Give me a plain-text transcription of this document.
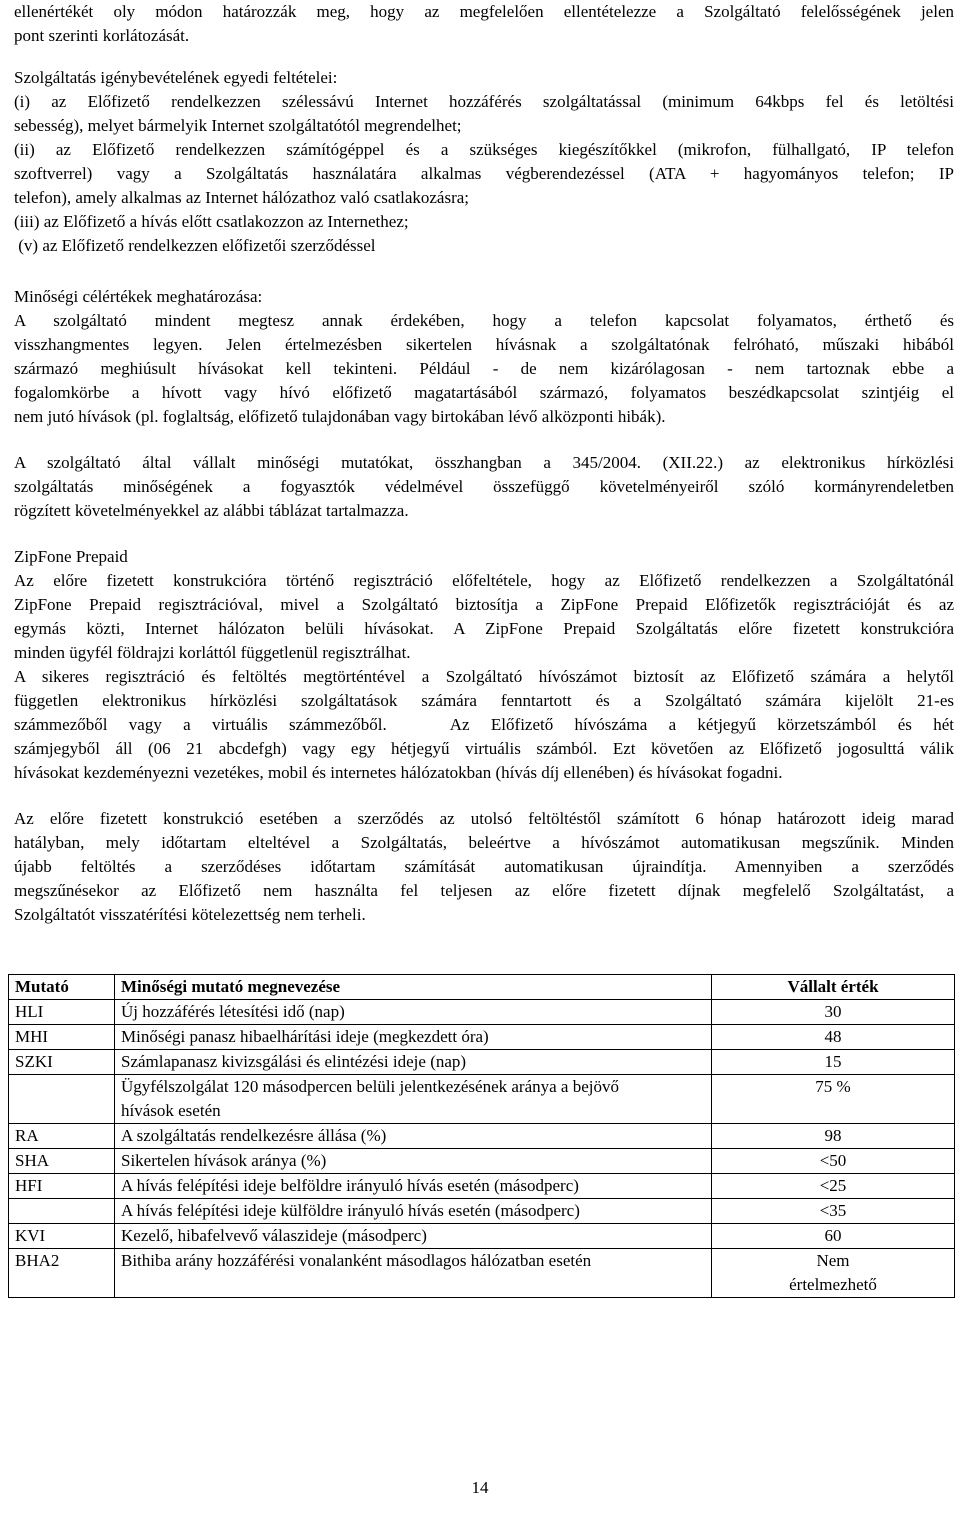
ellenértékét oly módon határozzák meg, hogy az megfelelően ellentételezze a Szolgáltató felelősségének jelen

pont szerinti korlátozását.

Szolgáltatás igénybevételének egyedi feltételei:

(i) az Előfizető rendelkezzen szélessávú Internet hozzáférés szolgáltatással (minimum 64kbps fel és letöltési

sebesség), melyet bármelyik Internet szolgáltatótól megrendelhet;

(ii) az Előfizető rendelkezzen számítógéppel és a szükséges kiegészítőkkel (mikrofon, fülhallgató, IP telefon

szoftverrel) vagy a Szolgáltatás használatára alkalmas végberendezéssel (ATA + hagyományos telefon; IP

telefon), amely alkalmas az Internet hálózathoz való csatlakozásra;

(iii) az Előfizető a hívás előtt csatlakozzon az Internethez;

(v) az Előfizető rendelkezzen előfizetői szerződéssel

Minőségi célértékek meghatározása:

A szolgáltató mindent megtesz annak érdekében, hogy a telefon kapcsolat folyamatos, érthető és

visszhangmentes legyen. Jelen értelmezésben sikertelen hívásnak a szolgáltatónak felróható, műszaki hibából

származó meghiúsult hívásokat kell tekinteni. Például - de nem kizárólagosan - nem tartoznak ebbe a

fogalomkörbe a hívott vagy hívó előfizető magatartásából származó, folyamatos beszédkapcsolat szintjéig el

nem jutó hívások (pl. foglaltság, előfizető tulajdonában vagy birtokában lévő alközponti hibák).

A szolgáltató által vállalt minőségi mutatókat, összhangban a 345/2004. (XII.22.) az elektronikus hírközlési

szolgáltatás minőségének a fogyasztók védelmével összefüggő követelményeiről szóló kormányrendeletben

rögzített követelményekkel az alábbi táblázat tartalmazza.

ZipFone Prepaid

Az előre fizetett konstrukcióra történő regisztráció előfeltétele, hogy az Előfizető rendelkezzen a Szolgáltatónál

ZipFone Prepaid regisztrációval, mivel a Szolgáltató biztosítja a ZipFone Prepaid Előfizetők regisztrációját és az

egymás közti, Internet hálózaton belüli hívásokat. A ZipFone Prepaid Szolgáltatás előre fizetett konstrukcióra

minden ügyfél földrajzi korláttól függetlenül regisztrálhat.

A sikeres regisztráció és feltöltés megtörténtével a Szolgáltató hívószámot biztosít az Előfizető számára a helytől

független elektronikus hírközlési szolgáltatások számára fenntartott és a Szolgáltató számára kijelölt 21-es

számmezőből vagy a virtuális számmezőből.   Az Előfizető hívószáma a kétjegyű körzetszámból és hét

számjegyből áll (06 21 abcdefgh) vagy egy hétjegyű virtuális számból. Ezt követően az Előfizető jogosulttá válik

hívásokat kezdeményezni vezetékes, mobil és internetes hálózatokban (hívás díj ellenében) és hívásokat fogadni.

Az előre fizetett konstrukció esetében a szerződés az utolsó feltöltéstől számított 6 hónap határozott ideig marad

hatályban, mely időtartam elteltével a Szolgáltatás, beleértve a hívószámot automatikusan megszűnik. Minden

újabb feltöltés a szerződéses időtartam számítását automatikusan újraindítja. Amennyiben a szerződés

megszűnésekor az Előfizető nem használta fel teljesen az előre fizetett díjnak megfelelő Szolgáltatást, a

Szolgáltatót visszatérítési kötelezettség nem terheli.

Mutató	Minőségi mutató megnevezése	Vállalt érték
HLI	Új hozzáférés létesítési idő (nap)	30
MHI	Minőségi panasz hibaelhárítási ideje (megkezdett óra)	48
SZKI	Számlapanasz kivizsgálási és elintézési ideje (nap)	15
	Ügyfélszolgálat 120 másodpercen belüli jelentkezésének aránya a bejövő hívások esetén	75 %
RA	A szolgáltatás rendelkezésre állása (%)	98
SHA	Sikertelen hívások aránya (%)	<50
HFI	A hívás felépítési ideje belföldre irányuló hívás esetén (másodperc)	<25
	A hívás felépítési ideje külföldre irányuló hívás esetén (másodperc)	<35
KVI	Kezelő, hibafelvevő válaszideje (másodperc)	60
BHA2	Bithiba arány hozzáférési vonalanként másodlagos hálózatban esetén	Nem értelmezhető
14
